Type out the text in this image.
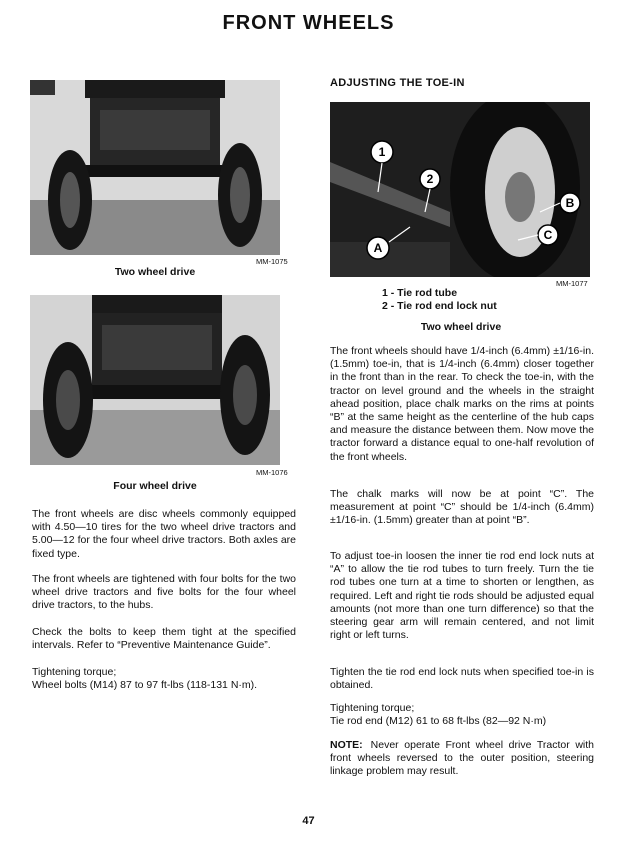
FRONT WHEELS
MM-1075
Two wheel drive
MM-1076
Four wheel drive

The front wheels are disc wheels commonly equipped with 4.50—10 tires for the two wheel drive tractors and 5.00—12 for the four wheel drive tractors. Both axles are fixed type.

The front wheels are tightened with four bolts for the two wheel drive tractors and five bolts for the four wheel drive tractors, to the hubs.

Check the bolts to keep them tight at the specified intervals. Refer to “Preventive Maintenance Guide”.

Tightening torque;
Wheel bolts (M14) 87 to 97 ft-lbs (118-131 N·m).
ADJUSTING THE TOE-IN
1
2
A
B
C
MM-1077
1 - Tie rod tube
2 - Tie rod end lock nut
Two wheel drive

The front wheels should have 1/4-inch (6.4mm) ±1/16-in. (1.5mm) toe-in, that is 1/4-inch (6.4mm) closer together in the front than in the rear. To check the toe-in, with the tractor on level ground and the wheels in the straight ahead position, place chalk marks on the rims at points “B” at the same height as the centerline of the hub caps and measure the distance between them. Now move the tractor forward a distance equal to one-half revolution of the front wheels.

The chalk marks will now be at point “C”. The measurement at point “C” should be 1/4-inch (6.4mm) ±1/16-in. (1.5mm) greater than at point “B”.

To adjust toe-in loosen the inner tie rod end lock nuts at “A” to allow the tie rod tubes to turn freely. Turn the tie rod tubes one turn at a time to shorten or lengthen, as required. Left and right tie rods should be adjusted equal amounts (not more than one turn difference) so that the steering gear arm will remain centered, and not limit right or left turns.

Tighten the tie rod end lock nuts when specified toe-in is obtained.

Tightening torque;
Tie rod end (M12) 61 to 68 ft-lbs (82—92 N·m)

NOTE: Never operate Front wheel drive Tractor with front wheels reversed to the outer position, steering linkage problem may result.

47
